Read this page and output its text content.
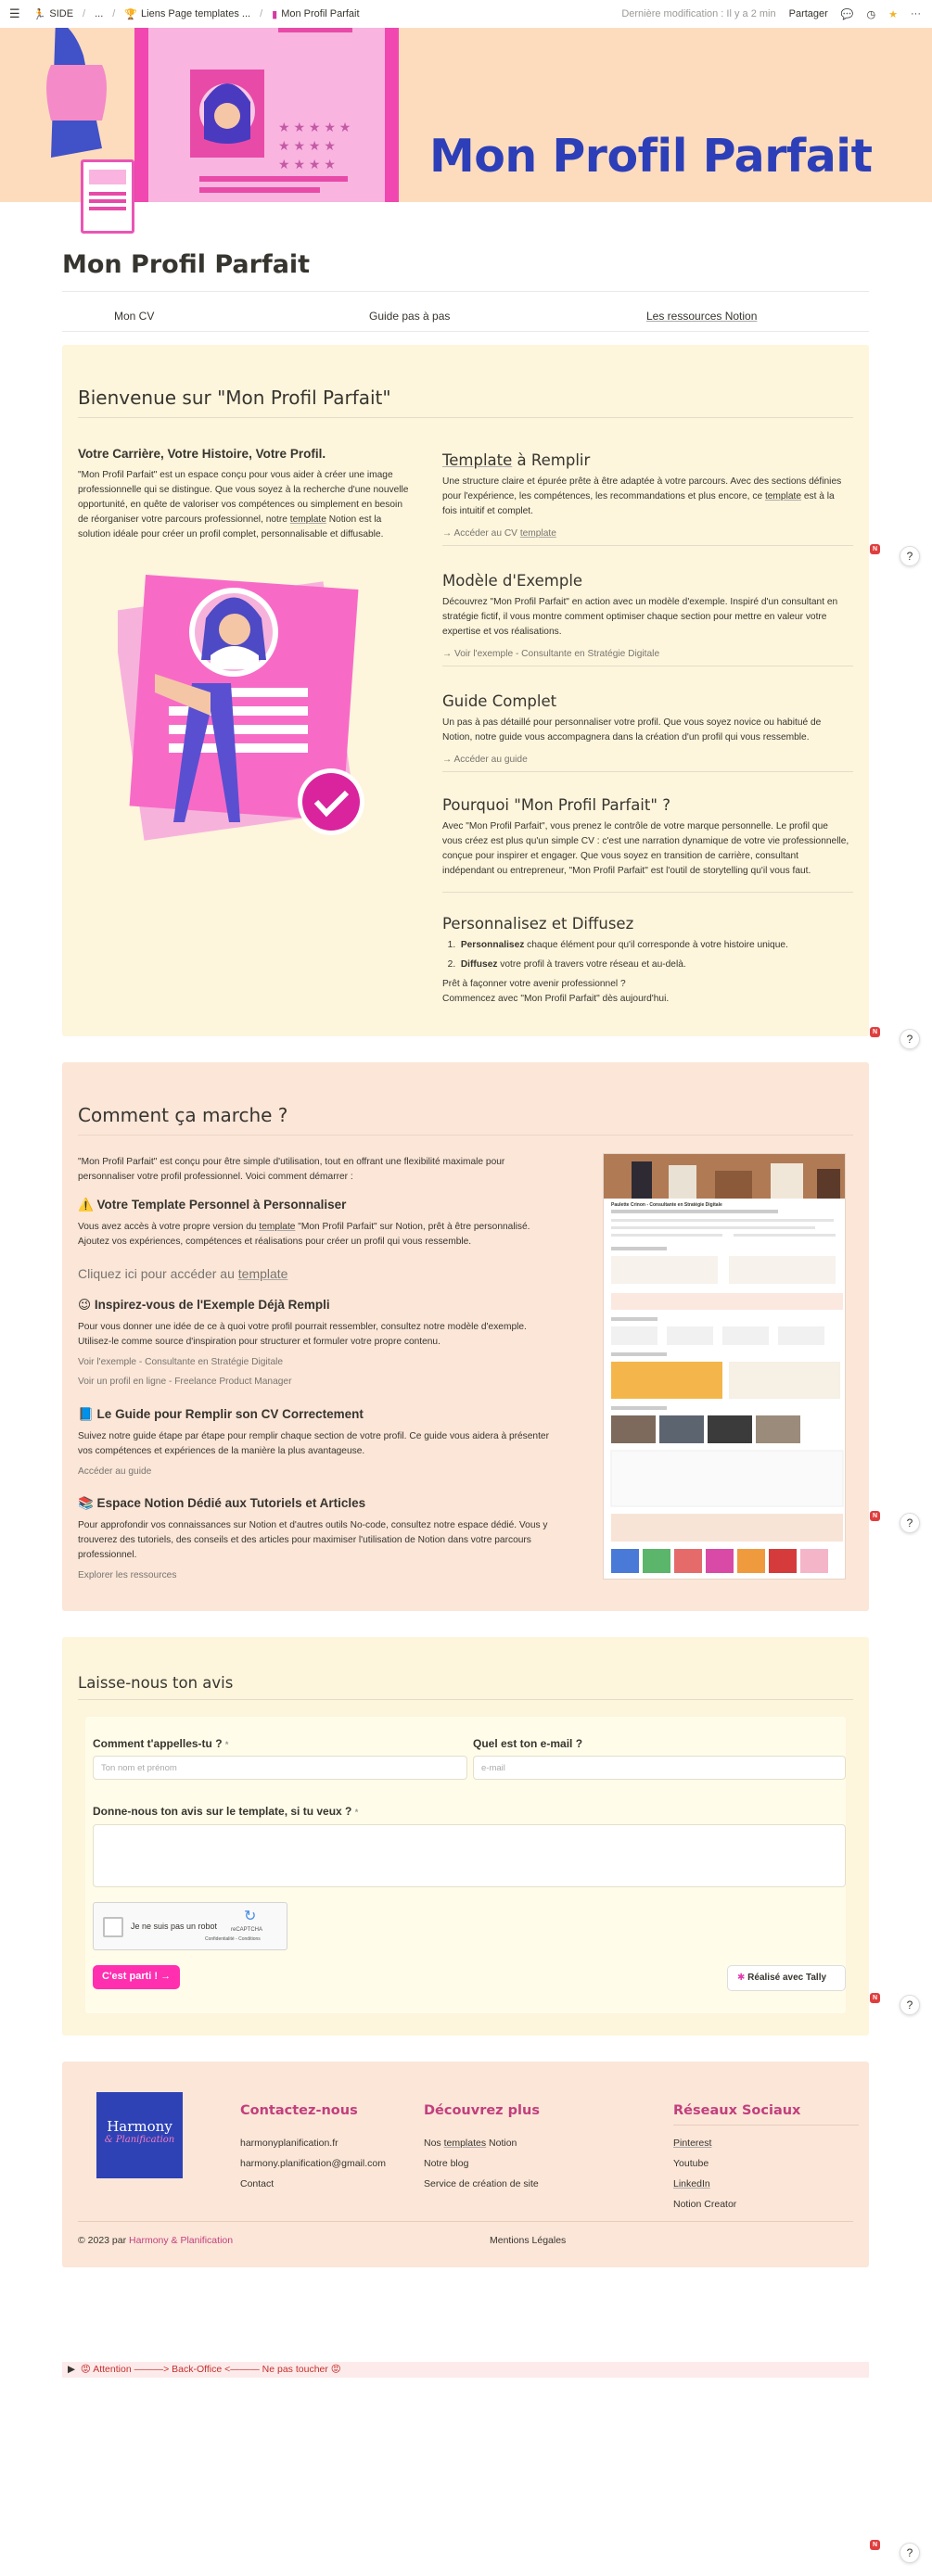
☰ 🏃 SIDE / ... / 🏆 Liens Page templates ... / ▮ Mon Profil Parfait	Dernière modification : Il y a 2 min Partager 💬 ◷ ★ ···
★ ★ ★ ★ ★
★ ★ ★ ★
★ ★ ★ ★ Mon Profil Parfait
Mon Profil Parfait
Mon CV	Guide pas à pas	Les ressources Notion
Bienvenue sur "Mon Profil Parfait"
Votre Carrière, Votre Histoire, Votre Profil.
"Mon Profil Parfait" est un espace conçu pour vous aider à créer une image professionnelle qui se distingue. Que vous soyez à la recherche d'une nouvelle opportunité, en quête de valoriser vos compétences ou simplement en besoin de réorganiser votre parcours professionnel, notre template Notion est la solution idéale pour créer un profil complet, personnalisable et diffusable.
Template à Remplir
Une structure claire et épurée prête à être adaptée à votre parcours. Avec des sections définies pour l'expérience, les compétences, les recommandations et plus encore, ce template est à la fois intuitif et complet.
→ Accéder au CV template
Modèle d'Exemple
Découvrez "Mon Profil Parfait" en action avec un modèle d'exemple. Inspiré d'un consultant en stratégie fictif, il vous montre comment optimiser chaque section pour mettre en valeur votre expertise et vos réalisations.
→ Voir l'exemple - Consultante en Stratégie Digitale
Guide Complet
Un pas à pas détaillé pour personnaliser votre profil. Que vous soyez novice ou habitué de Notion, notre guide vous accompagnera dans la création d'un profil qui vous ressemble.
→ Accéder au guide
Pourquoi "Mon Profil Parfait" ?
Avec "Mon Profil Parfait", vous prenez le contrôle de votre marque personnelle. Le profil que vous créez est plus qu'un simple CV : c'est une narration dynamique de votre vie professionnelle, conçue pour inspirer et engager. Que vous soyez en transition de carrière, consultant indépendant ou entrepreneur, "Mon Profil Parfait" est l'outil de storytelling qu'il vous faut.
Personnalisez et Diffusez
1.  Personnalisez chaque élément pour qu'il corresponde à votre histoire unique.
2.  Diffusez votre profil à travers votre réseau et au-delà.
Prêt à façonner votre avenir professionnel ?
Commencez avec "Mon Profil Parfait" dès aujourd'hui.
Comment ça marche ?
"Mon Profil Parfait" est conçu pour être simple d'utilisation, tout en offrant une flexibilité maximale pour personnaliser votre profil professionnel. Voici comment démarrer :
⚠️ Votre Template Personnel à Personnaliser
Vous avez accès à votre propre version du template "Mon Profil Parfait" sur Notion, prêt à être personnalisé. Ajoutez vos expériences, compétences et réalisations pour créer un profil qui vous ressemble.
Cliquez ici pour accéder au template
😉 Inspirez-vous de l'Exemple Déjà Rempli
Pour vous donner une idée de ce à quoi votre profil pourrait ressembler, consultez notre modèle d'exemple. Utilisez-le comme source d'inspiration pour structurer et formuler votre propre contenu.
Voir l'exemple - Consultante en Stratégie Digitale
Voir un profil en ligne - Freelance Product Manager
📘 Le Guide pour Remplir son CV Correctement
Suivez notre guide étape par étape pour remplir chaque section de votre profil. Ce guide vous aidera à présenter vos compétences et expériences de la manière la plus avantageuse.
Accéder au guide
📚 Espace Notion Dédié aux Tutoriels et Articles
Pour approfondir vos connaissances sur Notion et d'autres outils No-code, consultez notre espace dédié. Vous y trouverez des tutoriels, des conseils et des articles pour maximiser l'utilisation de Notion dans votre parcours professionnel.
Explorer les ressources
Paulette Crinon - Consultante en Stratégie Digitale
Laisse-nous ton avis
Comment t'appelles-tu ? *
Ton nom et prénom
Quel est ton e-mail ?
e-mail
Donne-nous ton avis sur le template, si tu veux ? *
Je ne suis pas un robot
↻
reCAPTCHA
Confidentialité - Conditions
C'est parti ! →	✱ Réalisé avec Tally
Harmony
& Planification
Contactez-nous
harmonyplanification.fr
harmony.planification@gmail.com
Contact
Découvrez plus
Nos templates Notion
Notre blog
Service de création de site
Réseaux Sociaux
Pinterest
Youtube
LinkedIn
Notion Creator
© 2023 par Harmony & Planification	Mentions Légales
▶ 😡 Attention ———> Back-Office <——— Ne pas toucher 😡
N
?
N
?
N
?
N
?
N
?
